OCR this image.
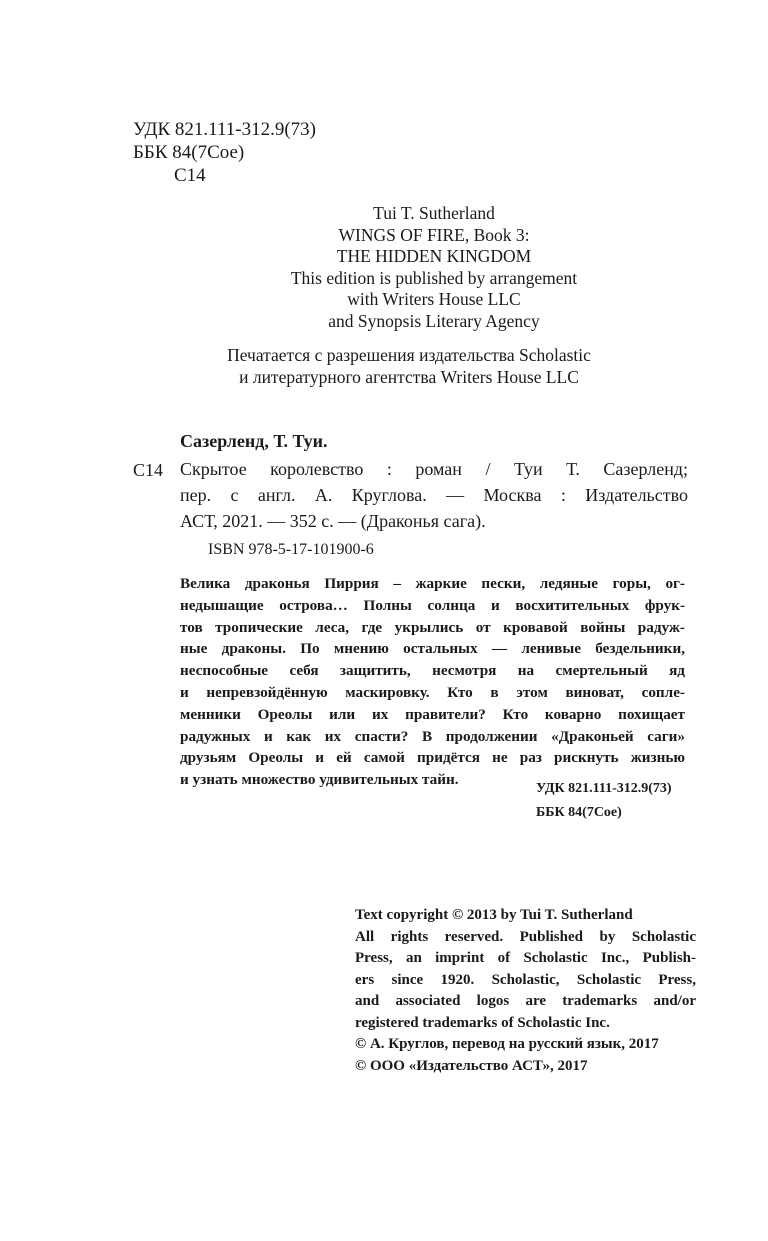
УДК 821.111-312.9(73)
ББК 84(7Сое)
С14
Tui T. Sutherland
WINGS OF FIRE, Book 3:
THE HIDDEN KINGDOM
This edition is published by arrangement
with Writers House LLC
and Synopsis Literary Agency
Печатается с разрешения издательства Scholastic
и литературного агентства Writers House LLC
Сазерленд, Т. Туи.
С14 Скрытое королевство : роман / Туи Т. Сазерленд;
пер. с англ. А. Круглова. — Москва : Издательство
АСТ, 2021. — 352 с. — (Драконья сага).
ISBN 978-5-17-101900-6
Велика драконья Пиррия – жаркие пески, ледяные горы, ог-
недышащие острова… Полны солнца и восхитительных фрук-
тов тропические леса, где укрылись от кровавой войны радуж-
ные драконы. По мнению остальных — ленивые бездельники,
неспособные себя защитить, несмотря на смертельный яд
и непревзойдённую маскировку. Кто в этом виноват, сопле-
менники Ореолы или их правители? Кто коварно похищает
радужных и как их спасти? В продолжении «Драконьей саги»
друзьям Ореолы и ей самой придётся не раз рискнуть жизнью
и узнать множество удивительных тайн.
УДК 821.111-312.9(73)
ББК 84(7Сое)
Text copyright © 2013 by Tui T. Sutherland
All rights reserved. Published by Scholastic
Press, an imprint of Scholastic Inc., Publish-
ers since 1920. Scholastic, Scholastic Press,
and associated logos are trademarks and/or
registered trademarks of Scholastic Inc.
© А. Круглов, перевод на русский язык, 2017
© ООО «Издательство АСТ», 2017
